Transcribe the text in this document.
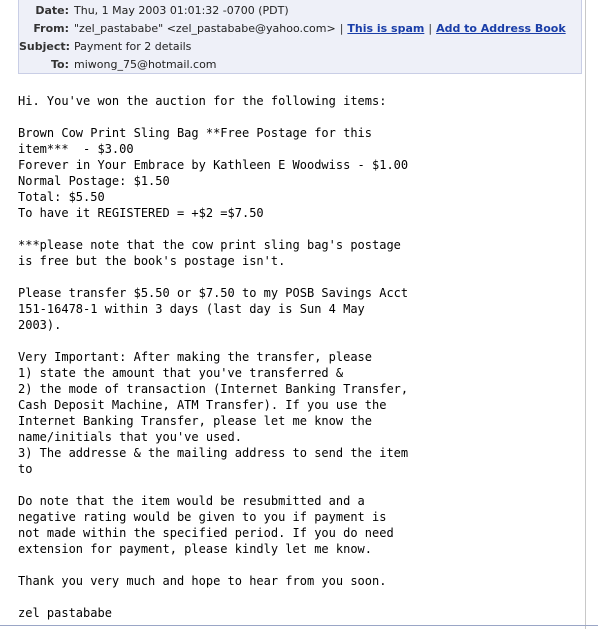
Date: Thu, 1 May 2003 01:01:32 -0700 (PDT)
From: "zel_pastababe" <zel_pastababe@yahoo.com> | This is spam | Add to Address Book
Subject: Payment for 2 details
To: miwong_75@hotmail.com
Hi. You've won the auction for the following items:

Brown Cow Print Sling Bag **Free Postage for this
item***  - $3.00
Forever in Your Embrace by Kathleen E Woodwiss - $1.00
Normal Postage: $1.50
Total: $5.50
To have it REGISTERED = +$2 =$7.50

***please note that the cow print sling bag's postage
is free but the book's postage isn't.

Please transfer $5.50 or $7.50 to my POSB Savings Acct
151-16478-1 within 3 days (last day is Sun 4 May
2003).

Very Important: After making the transfer, please
1) state the amount that you've transferred &
2) the mode of transaction (Internet Banking Transfer,
Cash Deposit Machine, ATM Transfer). If you use the
Internet Banking Transfer, please let me know the
name/initials that you've used.
3) The addresse & the mailing address to send the item
to

Do note that the item would be resubmitted and a
negative rating would be given to you if payment is
not made within the specified period. If you do need
extension for payment, please kindly let me know.

Thank you very much and hope to hear from you soon.

zel pastababe
